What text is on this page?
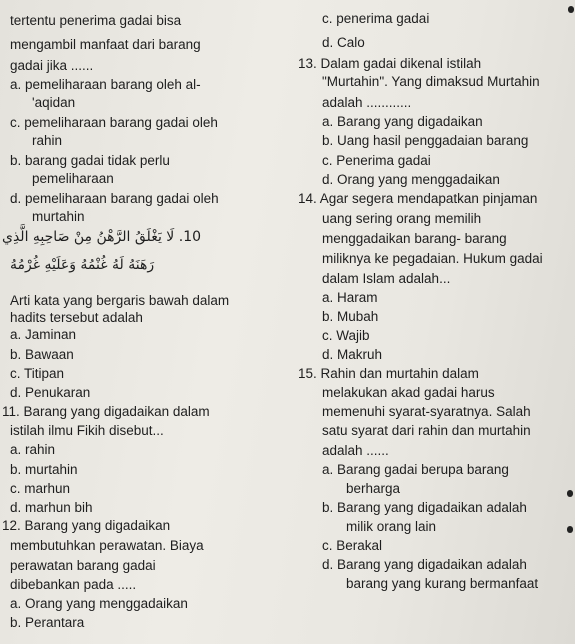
tertentu penerima gadai bisa
mengambil manfaat dari barang
gadai jika ......
a. pemeliharaan barang oleh al-
'aqidan
c. pemeliharaan barang gadai oleh
rahin
b. barang gadai tidak perlu
pemeliharaan
d. pemeliharaan barang gadai oleh
murtahin
Arti kata yang bergaris bawah dalam
hadits tersebut adalah
a. Jaminan
b. Bawaan
c. Titipan
d. Penukaran
11. Barang yang digadaikan dalam
istilah ilmu Fikih disebut...
a. rahin
b. murtahin
c. marhun
d. marhun bih
12. Barang yang digadaikan
membutuhkan perawatan. Biaya
perawatan barang gadai
dibebankan pada .....
a. Orang yang menggadaikan
b. Perantara
10. لَا يَغْلَقُ الرَّهْنُ مِنْ صَاحِبِهِ الَّذِي
رَهَنَهُ لَهُ غُنْمُهُ وَعَلَيْهِ غُرْمُهُ
c. penerima gadai
d. Calo
13. Dalam gadai dikenal istilah
"Murtahin". Yang dimaksud Murtahin
adalah ............
a. Barang yang digadaikan
b. Uang hasil penggadaian barang
c. Penerima gadai
d. Orang yang menggadaikan
14. Agar segera mendapatkan pinjaman
uang sering orang memilih
menggadaikan barang- barang
miliknya ke pegadaian. Hukum gadai
dalam Islam adalah...
a. Haram
b. Mubah
c. Wajib
d. Makruh
15. Rahin dan murtahin dalam
melakukan akad gadai harus
memenuhi syarat-syaratnya. Salah
satu syarat dari rahin dan murtahin
adalah ......
a. Barang gadai berupa barang
berharga
b. Barang yang digadaikan adalah
milik orang lain
c. Berakal
d. Barang yang digadaikan adalah
barang yang kurang bermanfaat
